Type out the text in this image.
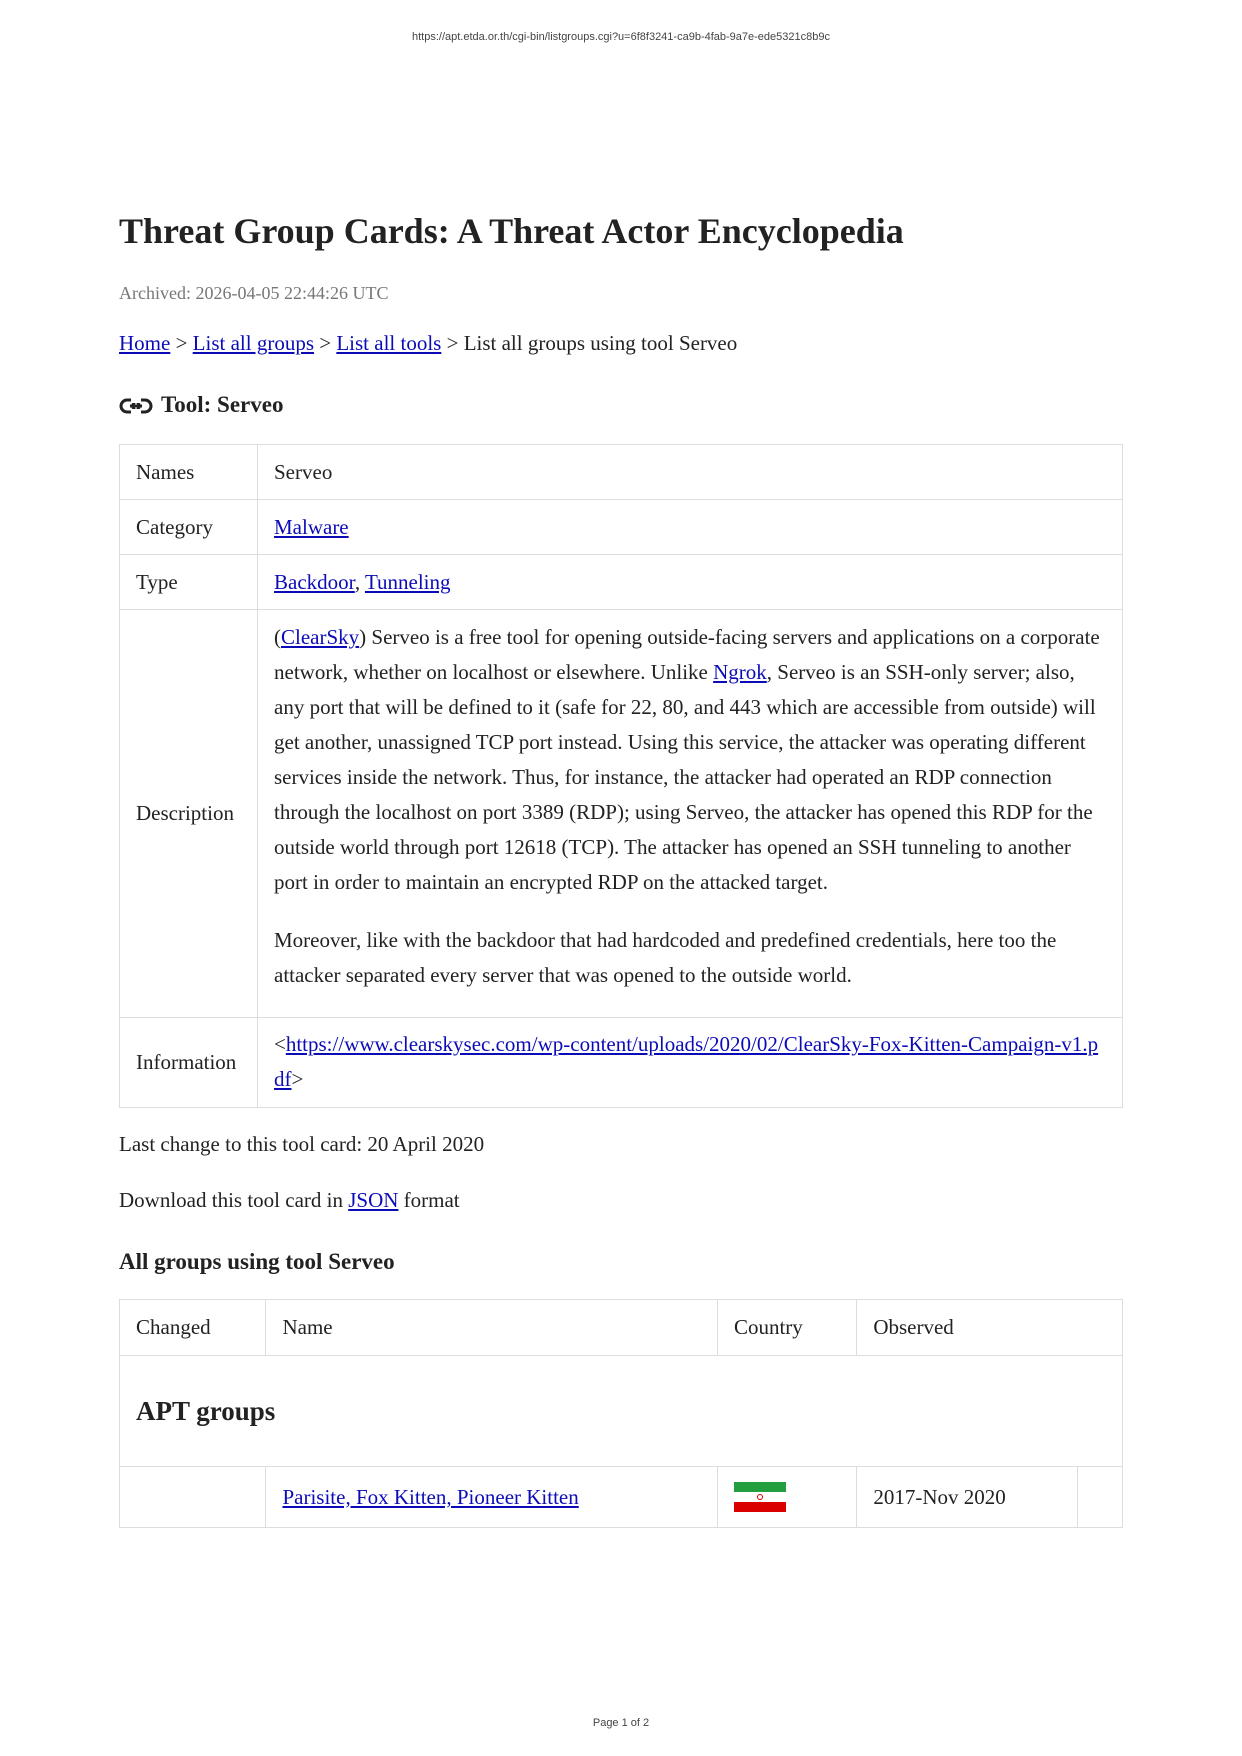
https://apt.etda.or.th/cgi-bin/listgroups.cgi?u=6f8f3241-ca9b-4fab-9a7e-ede5321c8b9c
Threat Group Cards: A Threat Actor Encyclopedia
Archived: 2026-04-05 22:44:26 UTC
Home > List all groups > List all tools > List all groups using tool Serveo
Tool: Serveo
Names	Serveo
Category	Malware
Type	Backdoor, Tunneling
Description	(ClearSky) Serveo is a free tool for opening outside-facing servers and applications on a corporate network, whether on localhost or elsewhere. Unlike Ngrok, Serveo is an SSH-only server; also, any port that will be defined to it (safe for 22, 80, and 443 which are accessible from outside) will get another, unassigned TCP port instead. Using this service, the attacker was operating different services inside the network. Thus, for instance, the attacker had operated an RDP connection through the localhost on port 3389 (RDP); using Serveo, the attacker has opened this RDP for the outside world through port 12618 (TCP). The attacker has opened an SSH tunneling to another port in order to maintain an encrypted RDP on the attacked target.

Moreover, like with the backdoor that had hardcoded and predefined credentials, here too the attacker separated every server that was opened to the outside world.

Information	<https://www.clearskysec.com/wp-content/uploads/2020/02/ClearSky-Fox-Kitten-Campaign-v1.pdf>
Last change to this tool card: 20 April 2020
Download this tool card in JSON format
All groups using tool Serveo
Changed	Name	Country	Observed	
APT groups				
	Parisite, Fox Kitten, Pioneer Kitten		2017-Nov 2020	
Page 1 of 2
